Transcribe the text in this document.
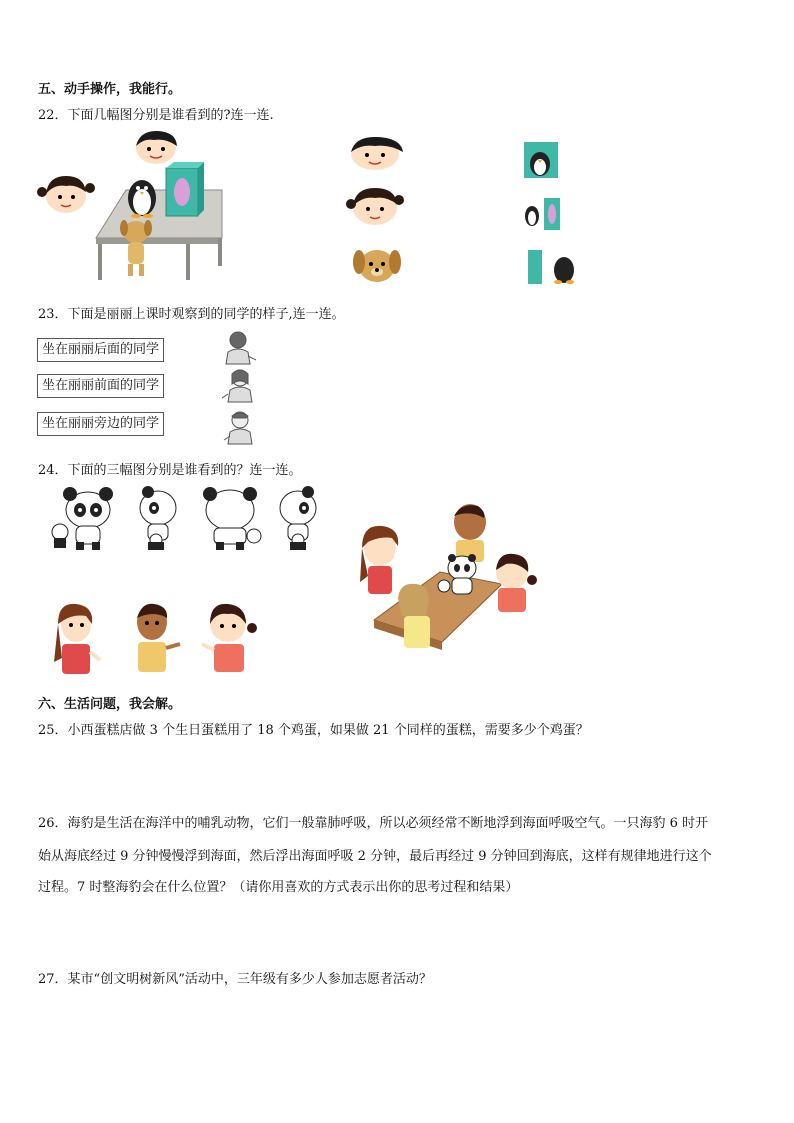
五、动手操作，我能行。
22．下面几幅图分别是谁看到的?连一连.
23．下面是丽丽上课时观察到的同学的样子,连一连。
坐在丽丽后面的同学
坐在丽丽前面的同学
坐在丽丽旁边的同学
24．下面的三幅图分别是谁看到的？连一连。
六、生活问题，我会解。
25．小西蛋糕店做 3 个生日蛋糕用了 18 个鸡蛋，如果做 21 个同样的蛋糕，需要多少个鸡蛋？
26．海豹是生活在海洋中的哺乳动物，它们一般靠肺呼吸，所以必须经常不断地浮到海面呼吸空气。一只海豹 6 时开
始从海底经过 9 分钟慢慢浮到海面，然后浮出海面呼吸 2 分钟，最后再经过 9 分钟回到海底，这样有规律地进行这个
过程。7 时整海豹会在什么位置？（请你用喜欢的方式表示出你的思考过程和结果）
27．某市“创文明树新风”活动中，三年级有多少人参加志愿者活动？
